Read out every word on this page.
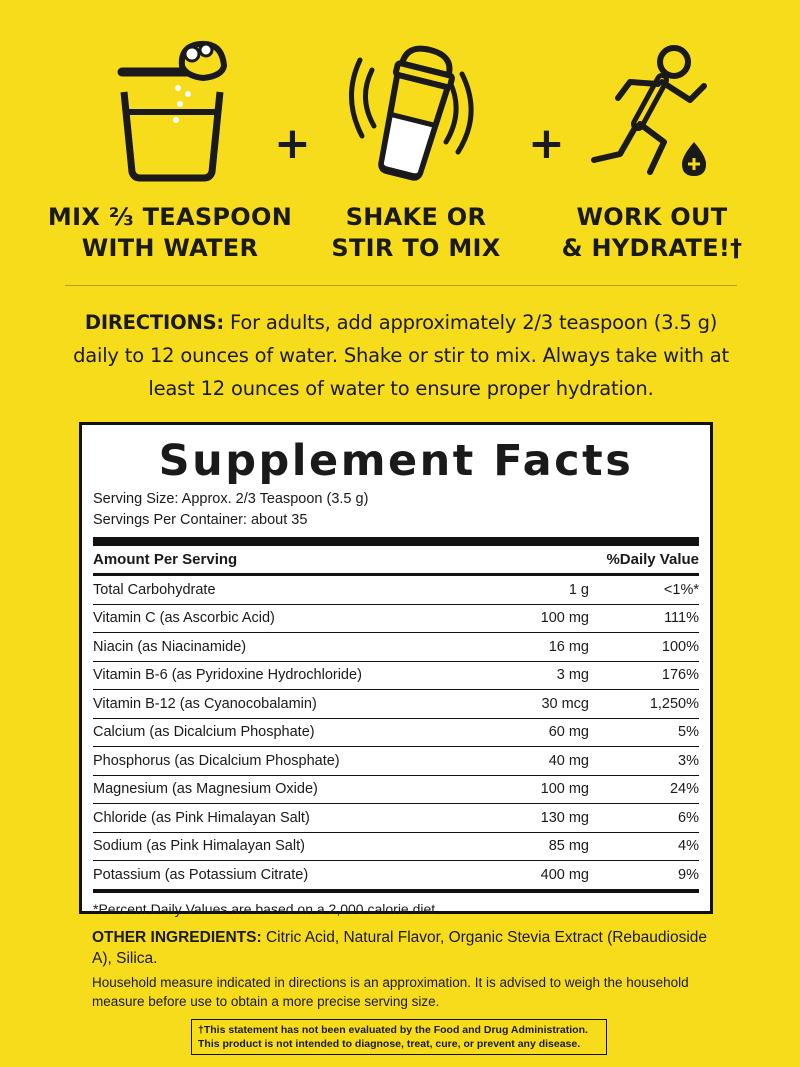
MIX ⅔ TEASPOON
WITH WATER
+
SHAKE OR
STIR TO MIX
+
WORK OUT
& HYDRATE!†
DIRECTIONS: For adults, add approximately 2/3 teaspoon (3.5 g) daily to 12 ounces of water. Shake or stir to mix. Always take with at least 12 ounces of water to ensure proper hydration.
Supplement Facts
Serving Size: Approx. 2/3 Teaspoon (3.5 g)
Servings Per Container: about 35
Amount Per Serving	%Daily Value
Total Carbohydrate	1 g	<1%*
Vitamin C (as Ascorbic Acid)	100 mg	111%
Niacin (as Niacinamide)	16 mg	100%
Vitamin B-6 (as Pyridoxine Hydrochloride)	3 mg	176%
Vitamin B-12 (as Cyanocobalamin)	30 mcg	1,250%
Calcium (as Dicalcium Phosphate)	60 mg	5%
Phosphorus (as Dicalcium Phosphate)	40 mg	3%
Magnesium (as Magnesium Oxide)	100 mg	24%
Chloride (as Pink Himalayan Salt)	130 mg	6%
Sodium (as Pink Himalayan Salt)	85 mg	4%
Potassium (as Potassium Citrate)	400 mg	9%
*Percent Daily Values are based on a 2,000 calorie diet.
OTHER INGREDIENTS: Citric Acid, Natural Flavor, Organic Stevia Extract (Rebaudioside A), Silica.
Household measure indicated in directions is an approximation. It is advised to weigh the household measure before use to obtain a more precise serving size.
†This statement has not been evaluated by the Food and Drug Administration.
This product is not intended to diagnose, treat, cure, or prevent any disease.
